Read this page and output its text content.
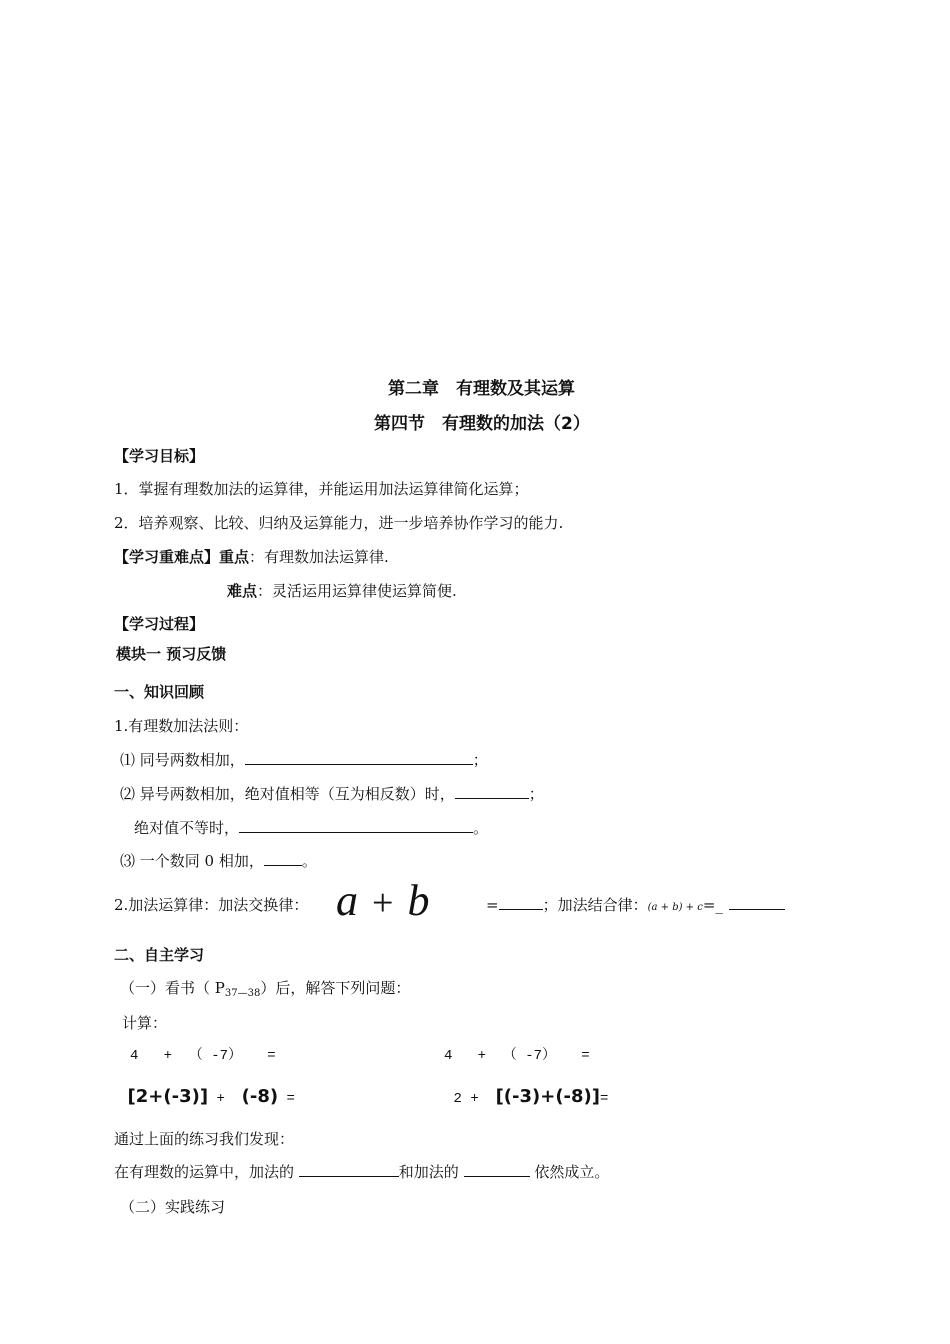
第二章　有理数及其运算
第四节　有理数的加法（2）
【学习目标】
1．掌握有理数加法的运算律，并能运用加法运算律简化运算；
2．培养观察、比较、归纳及运算能力，进一步培养协作学习的能力.
【学习重难点】重点：有理数加法运算律.
难点：灵活运用运算律使运算简便.
【学习过程】
模块一 预习反馈
一、知识回顾
1.有理数加法法则：
⑴ 同号两数相加，	；
⑵ 异号两数相加，绝对值相等（互为相反数）时，	；
绝对值不等时，	。
⑶ 一个数同 0 相加，	。
2.加法运算律：加法交换律： a + b	=	；加法结合律：(a + b) + c=_
二、自主学习
（一）看书（ $P_{37—38}$）后，解答下列问题：
计算：
4   +  （ -7）   =

[2+(-3)] +  (-8) =

4   +  （ -7）   =

2 +  [(-3)+(-8)]=

通过上面的练习我们发现：
在有理数的运算中，加法的	和加法的	依然成立。
（二）实践练习
